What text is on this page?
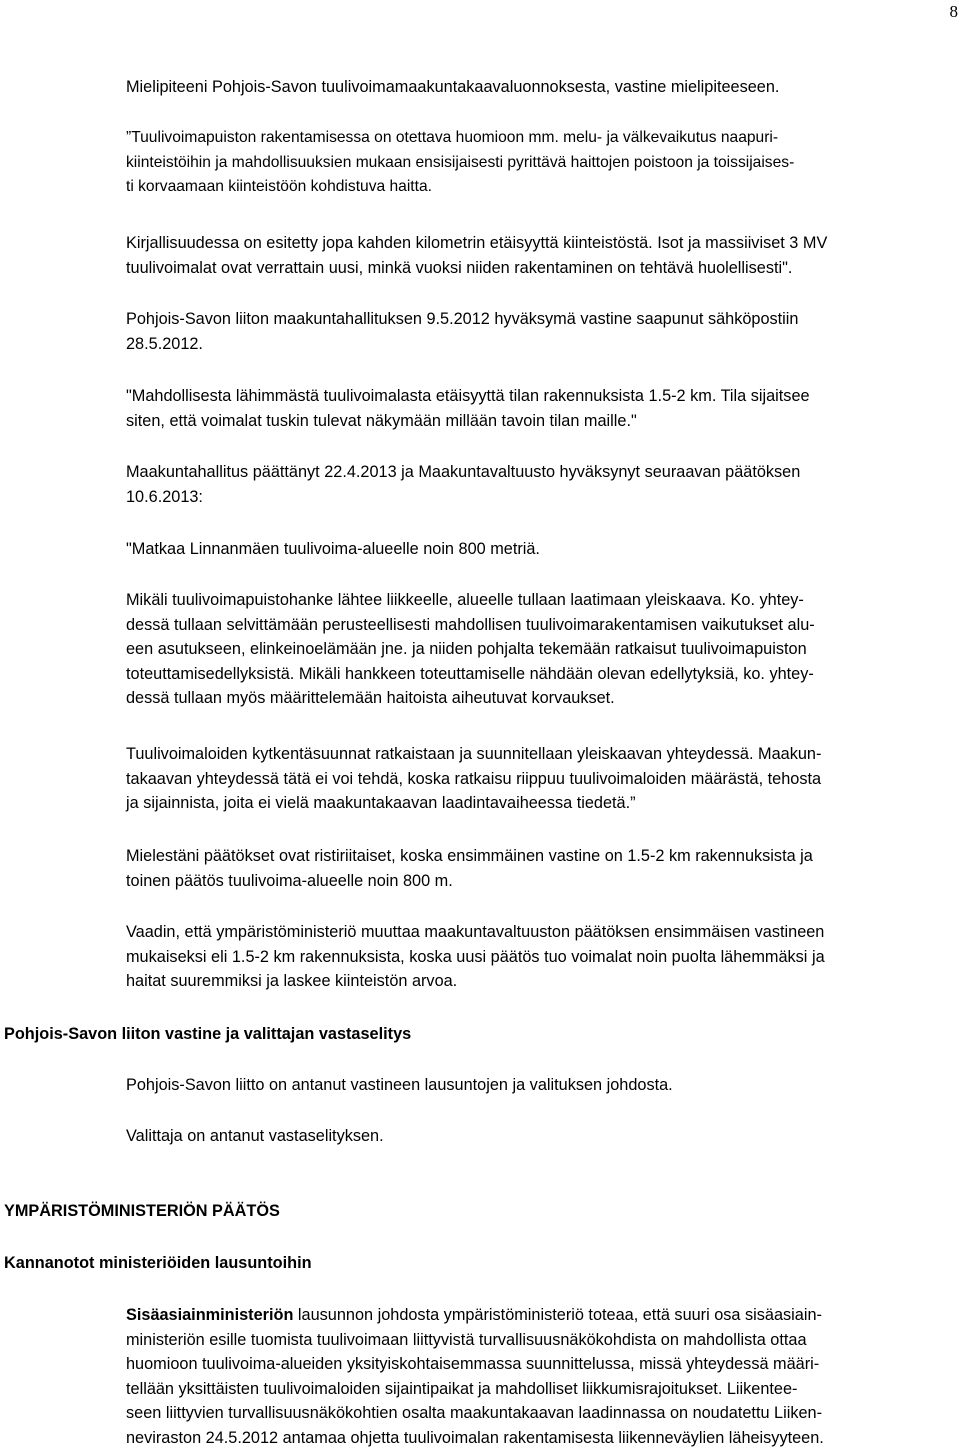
8

Mielipiteeni Pohjois-Savon tuulivoimamaakuntakaavaluonnoksesta, vastine mielipiteeseen.

”Tuulivoimapuiston rakentamisessa on otettava huomioon mm. melu- ja välkevaikutus naapuri-
kiinteistöihin ja mahdollisuuksien mukaan ensisijaisesti pyrittävä haittojen poistoon ja toissijaises-
ti korvaamaan kiinteistöön kohdistuva haitta.

Kirjallisuudessa on esitetty jopa kahden kilometrin etäisyyttä kiinteistöstä. Isot ja massiiviset 3 MV
tuulivoimalat ovat verrattain uusi, minkä vuoksi niiden rakentaminen on tehtävä huolellisesti".

Pohjois-Savon liiton maakuntahallituksen 9.5.2012 hyväksymä vastine saapunut sähköpostiin
28.5.2012.

"Mahdollisesta lähimmästä tuulivoimalasta etäisyyttä tilan rakennuksista 1.5-2 km. Tila sijaitsee
siten, että voimalat tuskin tulevat näkymään millään tavoin tilan maille."

Maakuntahallitus päättänyt 22.4.2013 ja Maakuntavaltuusto hyväksynyt seuraavan päätöksen
10.6.2013:

"Matkaa Linnanmäen tuulivoima-alueelle noin 800 metriä.

Mikäli tuulivoimapuistohanke lähtee liikkeelle, alueelle tullaan laatimaan yleiskaava. Ko. yhtey-
dessä tullaan selvittämään perusteellisesti mahdollisen tuulivoimarakentamisen vaikutukset alu-
een asutukseen, elinkeinoelämään jne. ja niiden pohjalta tekemään ratkaisut tuulivoimapuiston
toteuttamisedellyksistä. Mikäli hankkeen toteuttamiselle nähdään olevan edellytyksiä, ko. yhtey-
dessä tullaan myös määrittelemään haitoista aiheutuvat korvaukset.

Tuulivoimaloiden kytkentäsuunnat ratkaistaan ja suunnitellaan yleiskaavan yhteydessä. Maakun-
takaavan yhteydessä tätä ei voi tehdä, koska ratkaisu riippuu tuulivoimaloiden määrästä, tehosta
ja sijainnista, joita ei vielä maakuntakaavan laadintavaiheessa tiedetä.”

Mielestäni päätökset ovat ristiriitaiset, koska ensimmäinen vastine on 1.5-2 km rakennuksista ja
toinen päätös tuulivoima-alueelle noin 800 m.

Vaadin, että ympäristöministeriö muuttaa maakuntavaltuuston päätöksen ensimmäisen vastineen
mukaiseksi eli 1.5-2 km rakennuksista, koska uusi päätös tuo voimalat noin puolta lähemmäksi ja
haitat suuremmiksi ja laskee kiinteistön arvoa.

Pohjois-Savon liiton vastine ja valittajan vastaselitys

Pohjois-Savon liitto on antanut vastineen lausuntojen ja valituksen johdosta.

Valittaja on antanut vastaselityksen.

YMPÄRISTÖMINISTERIÖN PÄÄTÖS
Kannanotot ministeriöiden lausuntoihin

Sisäasiainministeriön lausunnon johdosta ympäristöministeriö toteaa, että suuri osa sisäasiain-
ministeriön esille tuomista tuulivoimaan liittyvistä turvallisuusnäkökohdista on mahdollista ottaa
huomioon tuulivoima-alueiden yksityiskohtaisemmassa suunnittelussa, missä yhteydessä määri-
tellään yksittäisten tuulivoimaloiden sijaintipaikat ja mahdolliset liikkumisrajoitukset. Liikentee-
seen liittyvien turvallisuusnäkökohtien osalta maakuntakaavan laadinnassa on noudatettu Liiken-
neviraston 24.5.2012 antamaa ohjetta tuulivoimalan rakentamisesta liikenneväylien läheisyyteen.
